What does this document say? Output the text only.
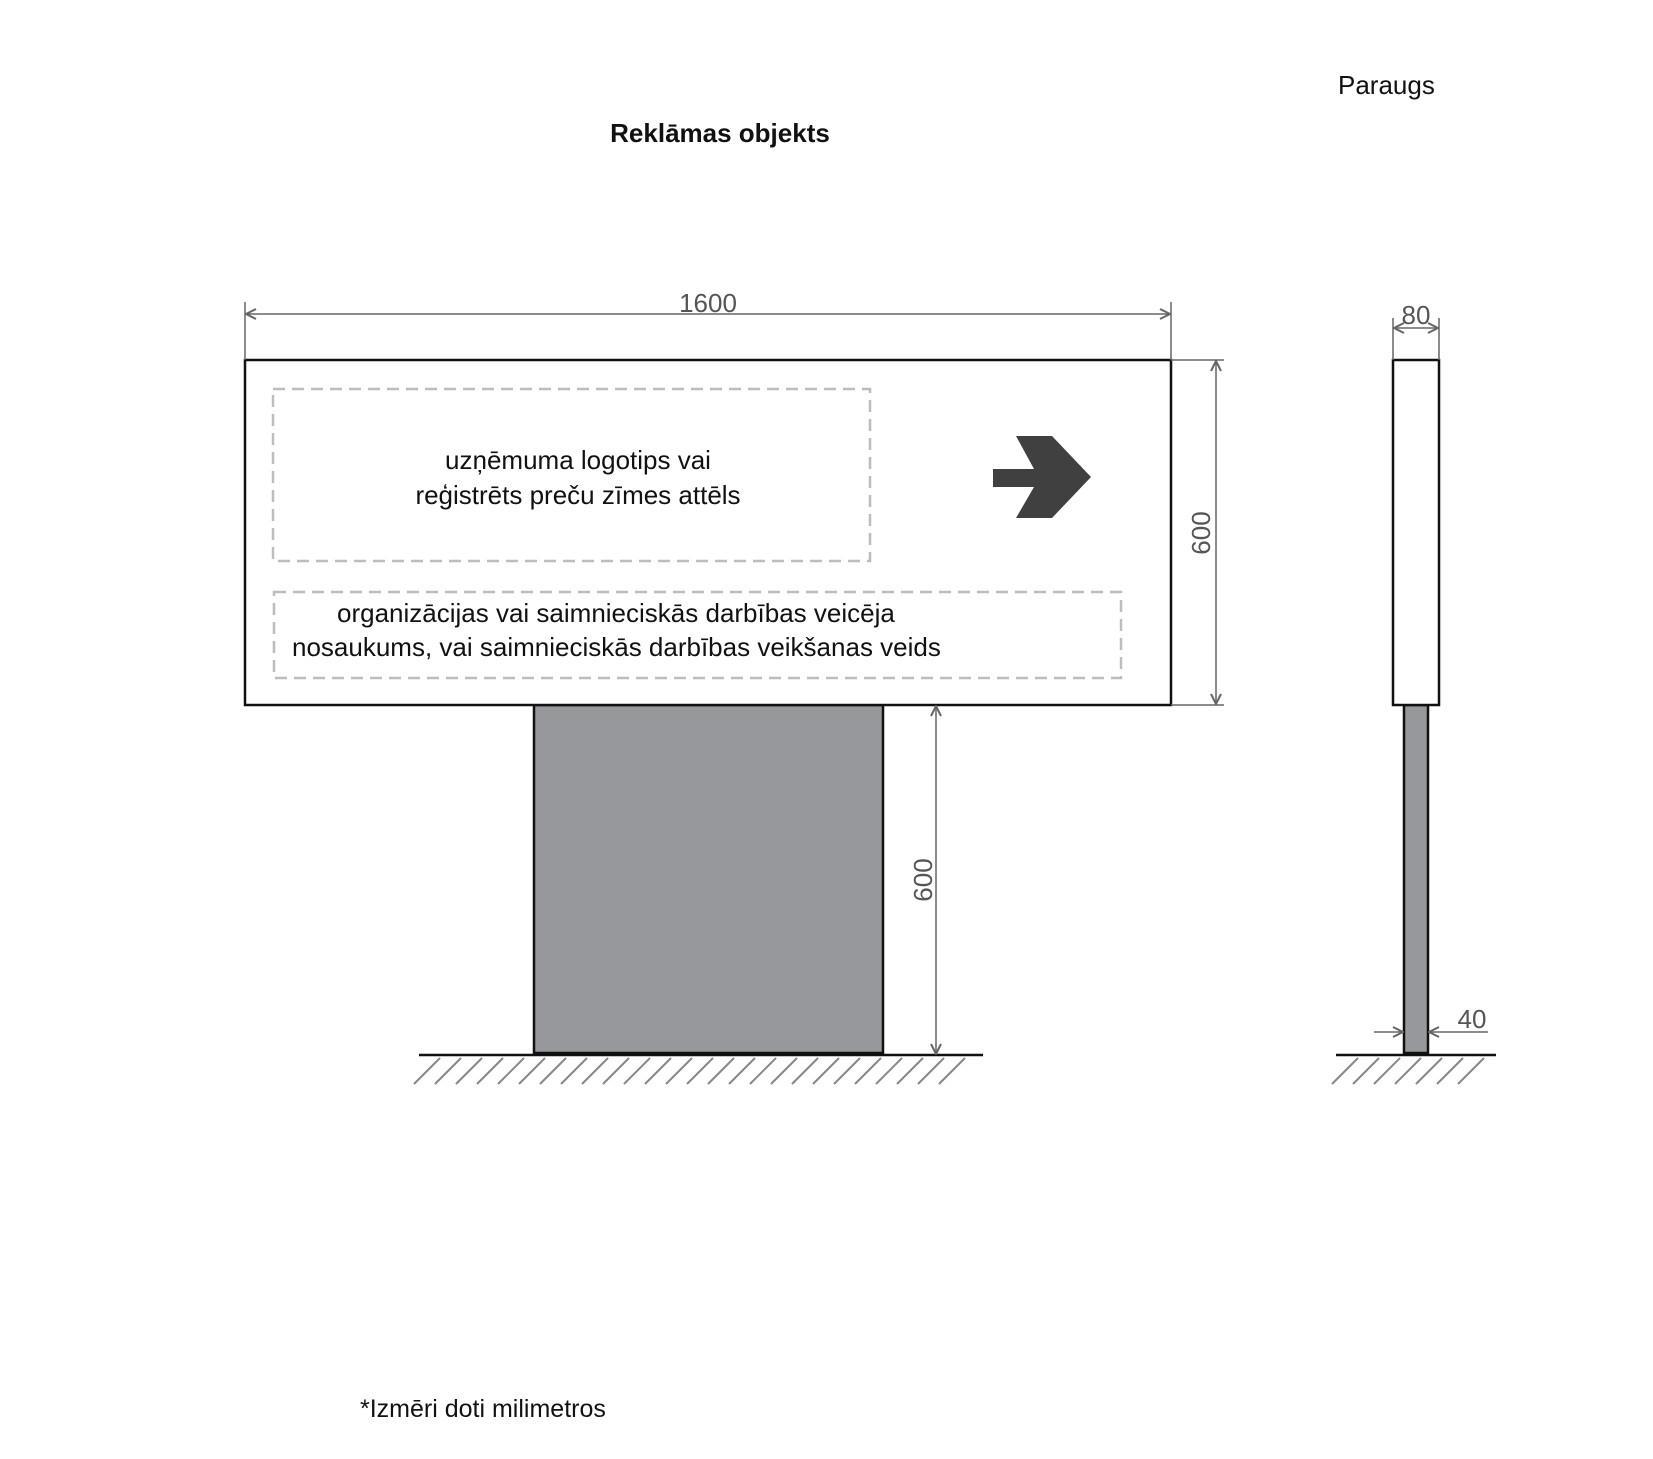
Paraugs
Reklāmas objekts
uzņēmuma logotips vai
reģistrēts preču zīmes attēls
organizācijas vai saimnieciskās darbības veicēja
nosaukums, vai saimnieciskās darbības veikšanas veids
1600
600
600
80
40
*Izmēri doti milimetros
